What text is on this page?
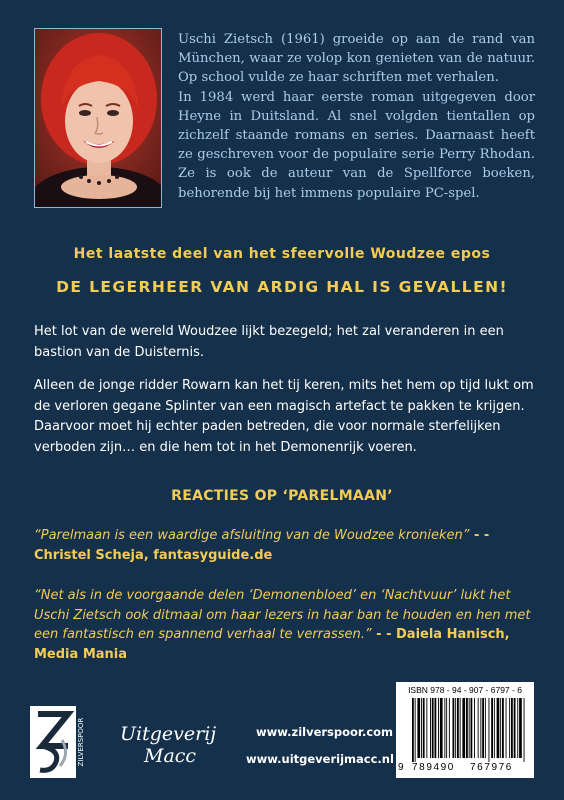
Uschi Zietsch (1961) groeide op aan de rand van München, waar ze volop kon genieten van de natuur. Op school vulde ze haar schriften met verhalen.

In 1984 werd haar eerste roman uitgegeven door Heyne in Duitsland. Al snel volgden tientallen op zichzelf staande romans en series. Daarnaast heeft ze geschreven voor de populaire serie Perry Rhodan. Ze is ook de auteur van de Spellforce boeken, behorende bij het immens populaire PC-spel.

Het laatste deel van het sfeervolle Woudzee epos
DE LEGERHEER VAN ARDIG HAL IS GEVALLEN!

Het lot van de wereld Woudzee lijkt bezegeld; het zal veranderen in een bastion van de Duisternis.

Alleen de jonge ridder Rowarn kan het tij keren, mits het hem op tijd lukt om de verloren gegane Splinter van een magisch artefact te pakken te krijgen. Daarvoor moet hij echter paden betreden, die voor normale sterfelijken verboden zijn… en die hem tot in het Demonenrijk voeren.

REACTIES OP ‘PARELMAAN’
“Parelmaan is een waardige afsluiting van de Woudzee kronieken” - - Christel Scheja, fantasyguide.de
“Net als in de voorgaande delen ‘Demonenbloed’ en ‘Nachtvuur’ lukt het Uschi Zietsch ook ditmaal om haar lezers in haar ban te houden en hen met een fantastisch en spannend verhaal te verrassen.” - - Daiela Hanisch, Media Mania
ZILVERSPOOR Uitgeverij
Macc
www.zilverspoor.com
www.uitgeverijmacc.nl
ISBN 978 - 94 - 907 - 6797 - 6
9 789490 767976
